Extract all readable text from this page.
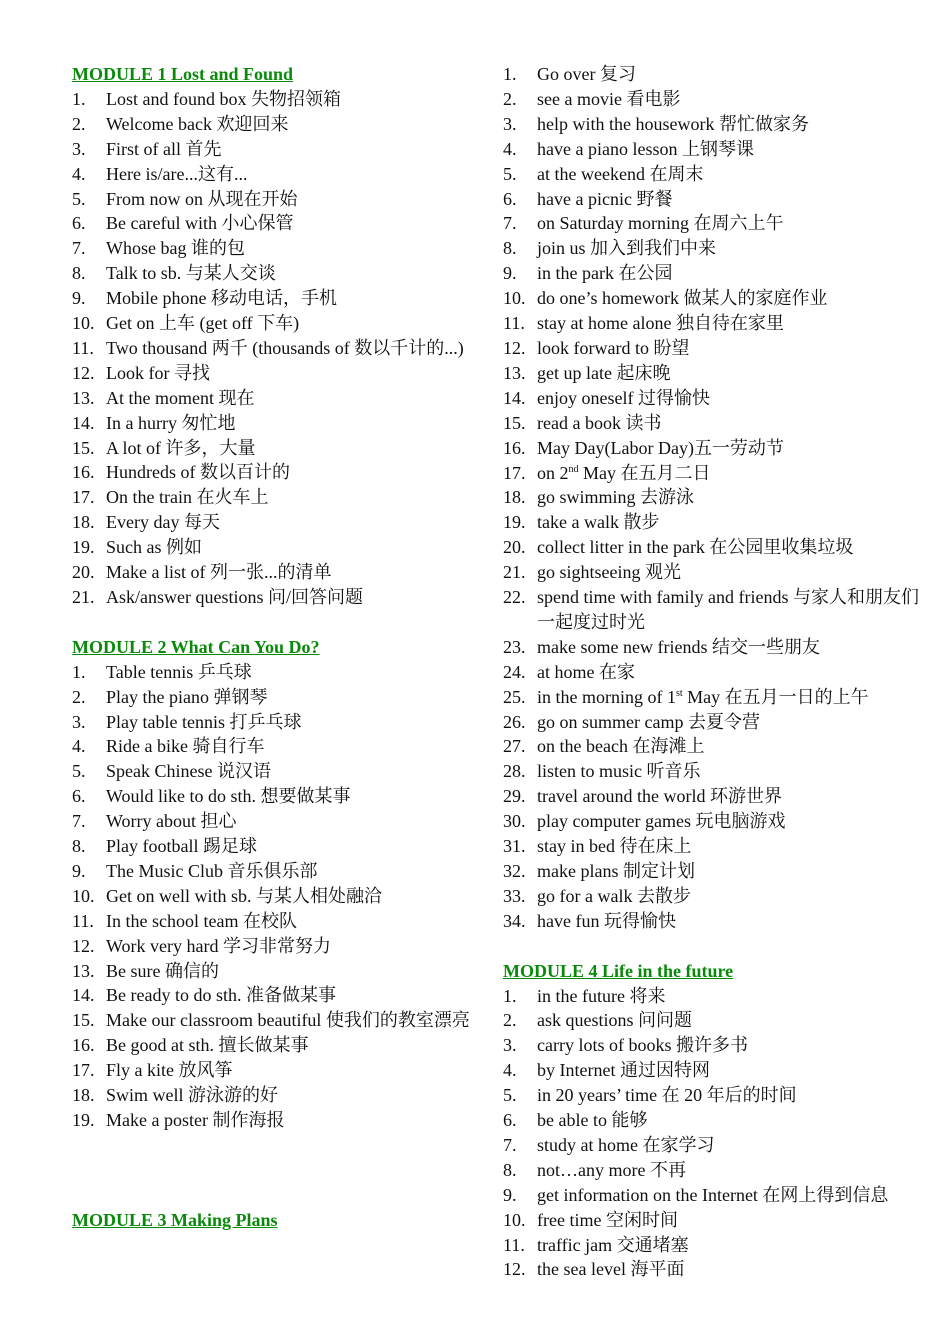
MODULE 1 Lost and Found
1.	Lost and found box 失物招领箱
2.	Welcome back 欢迎回来
3.	First of all 首先
4.	Here is/are...这有...
5.	From now on 从现在开始
6.	Be careful with 小心保管
7.	Whose bag 谁的包
8.	Talk to sb. 与某人交谈
9.	Mobile phone 移动电话，手机
10. Get on 上车 (get off 下车)
11. Two thousand 两千 (thousands of 数以千计的...)
12. Look for 寻找
13. At the moment 现在
14. In a hurry 匆忙地
15. A lot of 许多，大量
16. Hundreds of 数以百计的
17. On the train 在火车上
18. Every day 每天
19. Such as 例如
20. Make a list of 列一张...的清单
21. Ask/answer questions 问/回答问题
MODULE 2 What Can You Do?
1.	Table tennis 乒乓球
2.	Play the piano 弹钢琴
3.	Play table tennis 打乒乓球
4.	Ride a bike 骑自行车
5.	Speak Chinese 说汉语
6.	Would like to do sth. 想要做某事
7.	Worry about 担心
8.	Play football 踢足球
9.	The Music Club 音乐俱乐部
10. Get on well with sb. 与某人相处融洽
11. In the school team 在校队
12. Work very hard 学习非常努力
13. Be sure 确信的
14. Be ready to do sth. 准备做某事
15. Make our classroom beautiful 使我们的教室漂亮
16. Be good at sth. 擅长做某事
17. Fly a kite 放风筝
18. Swim well 游泳游的好
19. Make a poster 制作海报
MODULE 3 Making Plans
1.	Go over 复习
2.	see a movie 看电影
3.	help with the housework 帮忙做家务
4.	have a piano lesson 上钢琴课
5.	at the weekend 在周末
6.	have a picnic 野餐
7.	on Saturday morning 在周六上午
8.	join us 加入到我们中来
9.	in the park 在公园
10. do one’s homework 做某人的家庭作业
11. stay at home alone 独自待在家里
12. look forward to 盼望
13. get up late 起床晚
14. enjoy oneself 过得愉快
15. read a book 读书
16. May Day(Labor Day)五一劳动节
17. on 2nd May 在五月二日
18. go swimming 去游泳
19. take a walk 散步
20. collect litter in the park 在公园里收集垃圾
21. go sightseeing 观光
22. spend time with family and friends 与家人和朋友们一起度过时光
23. make some new friends 结交一些朋友
24. at home 在家
25. in the morning of 1st May 在五月一日的上午
26. go on summer camp 去夏令营
27. on the beach 在海滩上
28. listen to music 听音乐
29. travel around the world 环游世界
30. play computer games 玩电脑游戏
31. stay in bed 待在床上
32. make plans 制定计划
33. go for a walk 去散步
34. have fun 玩得愉快
MODULE 4 Life in the future
1.	in the future 将来
2.	ask questions 问问题
3.	carry lots of books 搬许多书
4.	by Internet 通过因特网
5.	in 20 years’ time 在 20 年后的时间
6.	be able to 能够
7.	study at home 在家学习
8.	not…any more 不再
9.	get information on the Internet 在网上得到信息
10. free time 空闲时间
11. traffic jam 交通堵塞
12. the sea level 海平面
